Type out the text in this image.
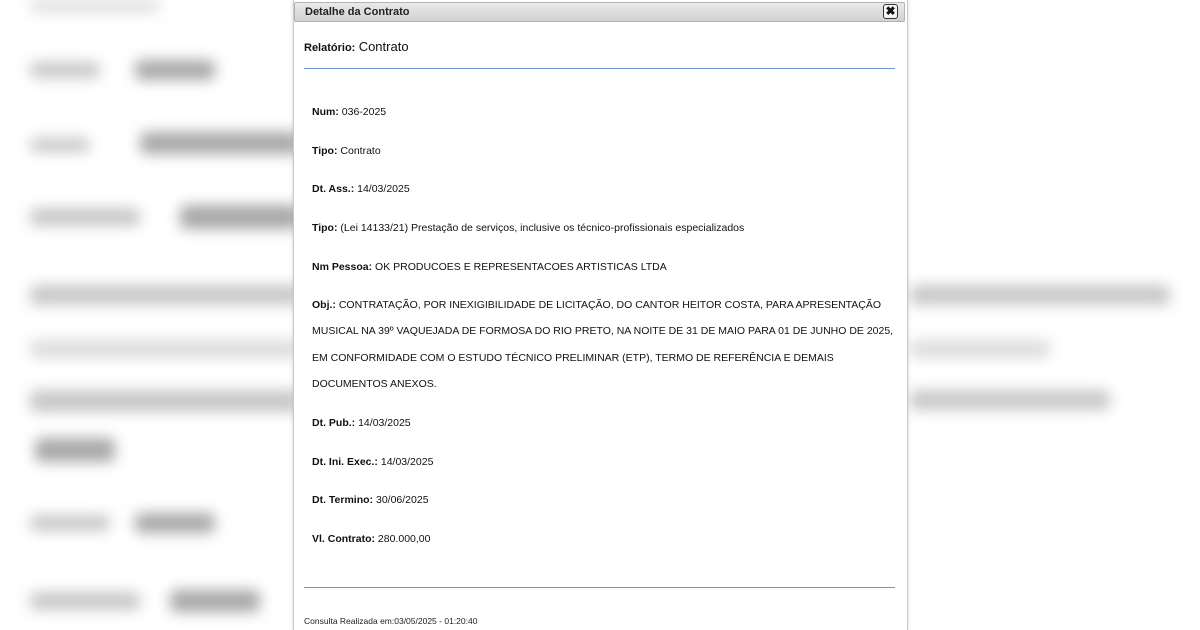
Detalhe da Contrato	✖
Relatório: Contrato
Num: 036-2025
Tipo: Contrato
Dt. Ass.: 14/03/2025
Tipo: (Lei 14133/21) Prestação de serviços, inclusive os técnico-profissionais especializados
Nm Pessoa: OK PRODUCOES E REPRESENTACOES ARTISTICAS LTDA
Obj.: CONTRATAÇÃO, POR INEXIGIBILIDADE DE LICITAÇÃO, DO CANTOR HEITOR COSTA, PARA APRESENTAÇÃO MUSICAL NA 39º VAQUEJADA DE FORMOSA DO RIO PRETO, NA NOITE DE 31 DE MAIO PARA 01 DE JUNHO DE 2025, EM CONFORMIDADE COM O ESTUDO TÉCNICO PRELIMINAR (ETP), TERMO DE REFERÊNCIA E DEMAIS DOCUMENTOS ANEXOS.
Dt. Pub.: 14/03/2025
Dt. Ini. Exec.: 14/03/2025
Dt. Termino: 30/06/2025
Vl. Contrato: 280.000,00
Consulta Realizada em:03/05/2025 - 01:20:40
